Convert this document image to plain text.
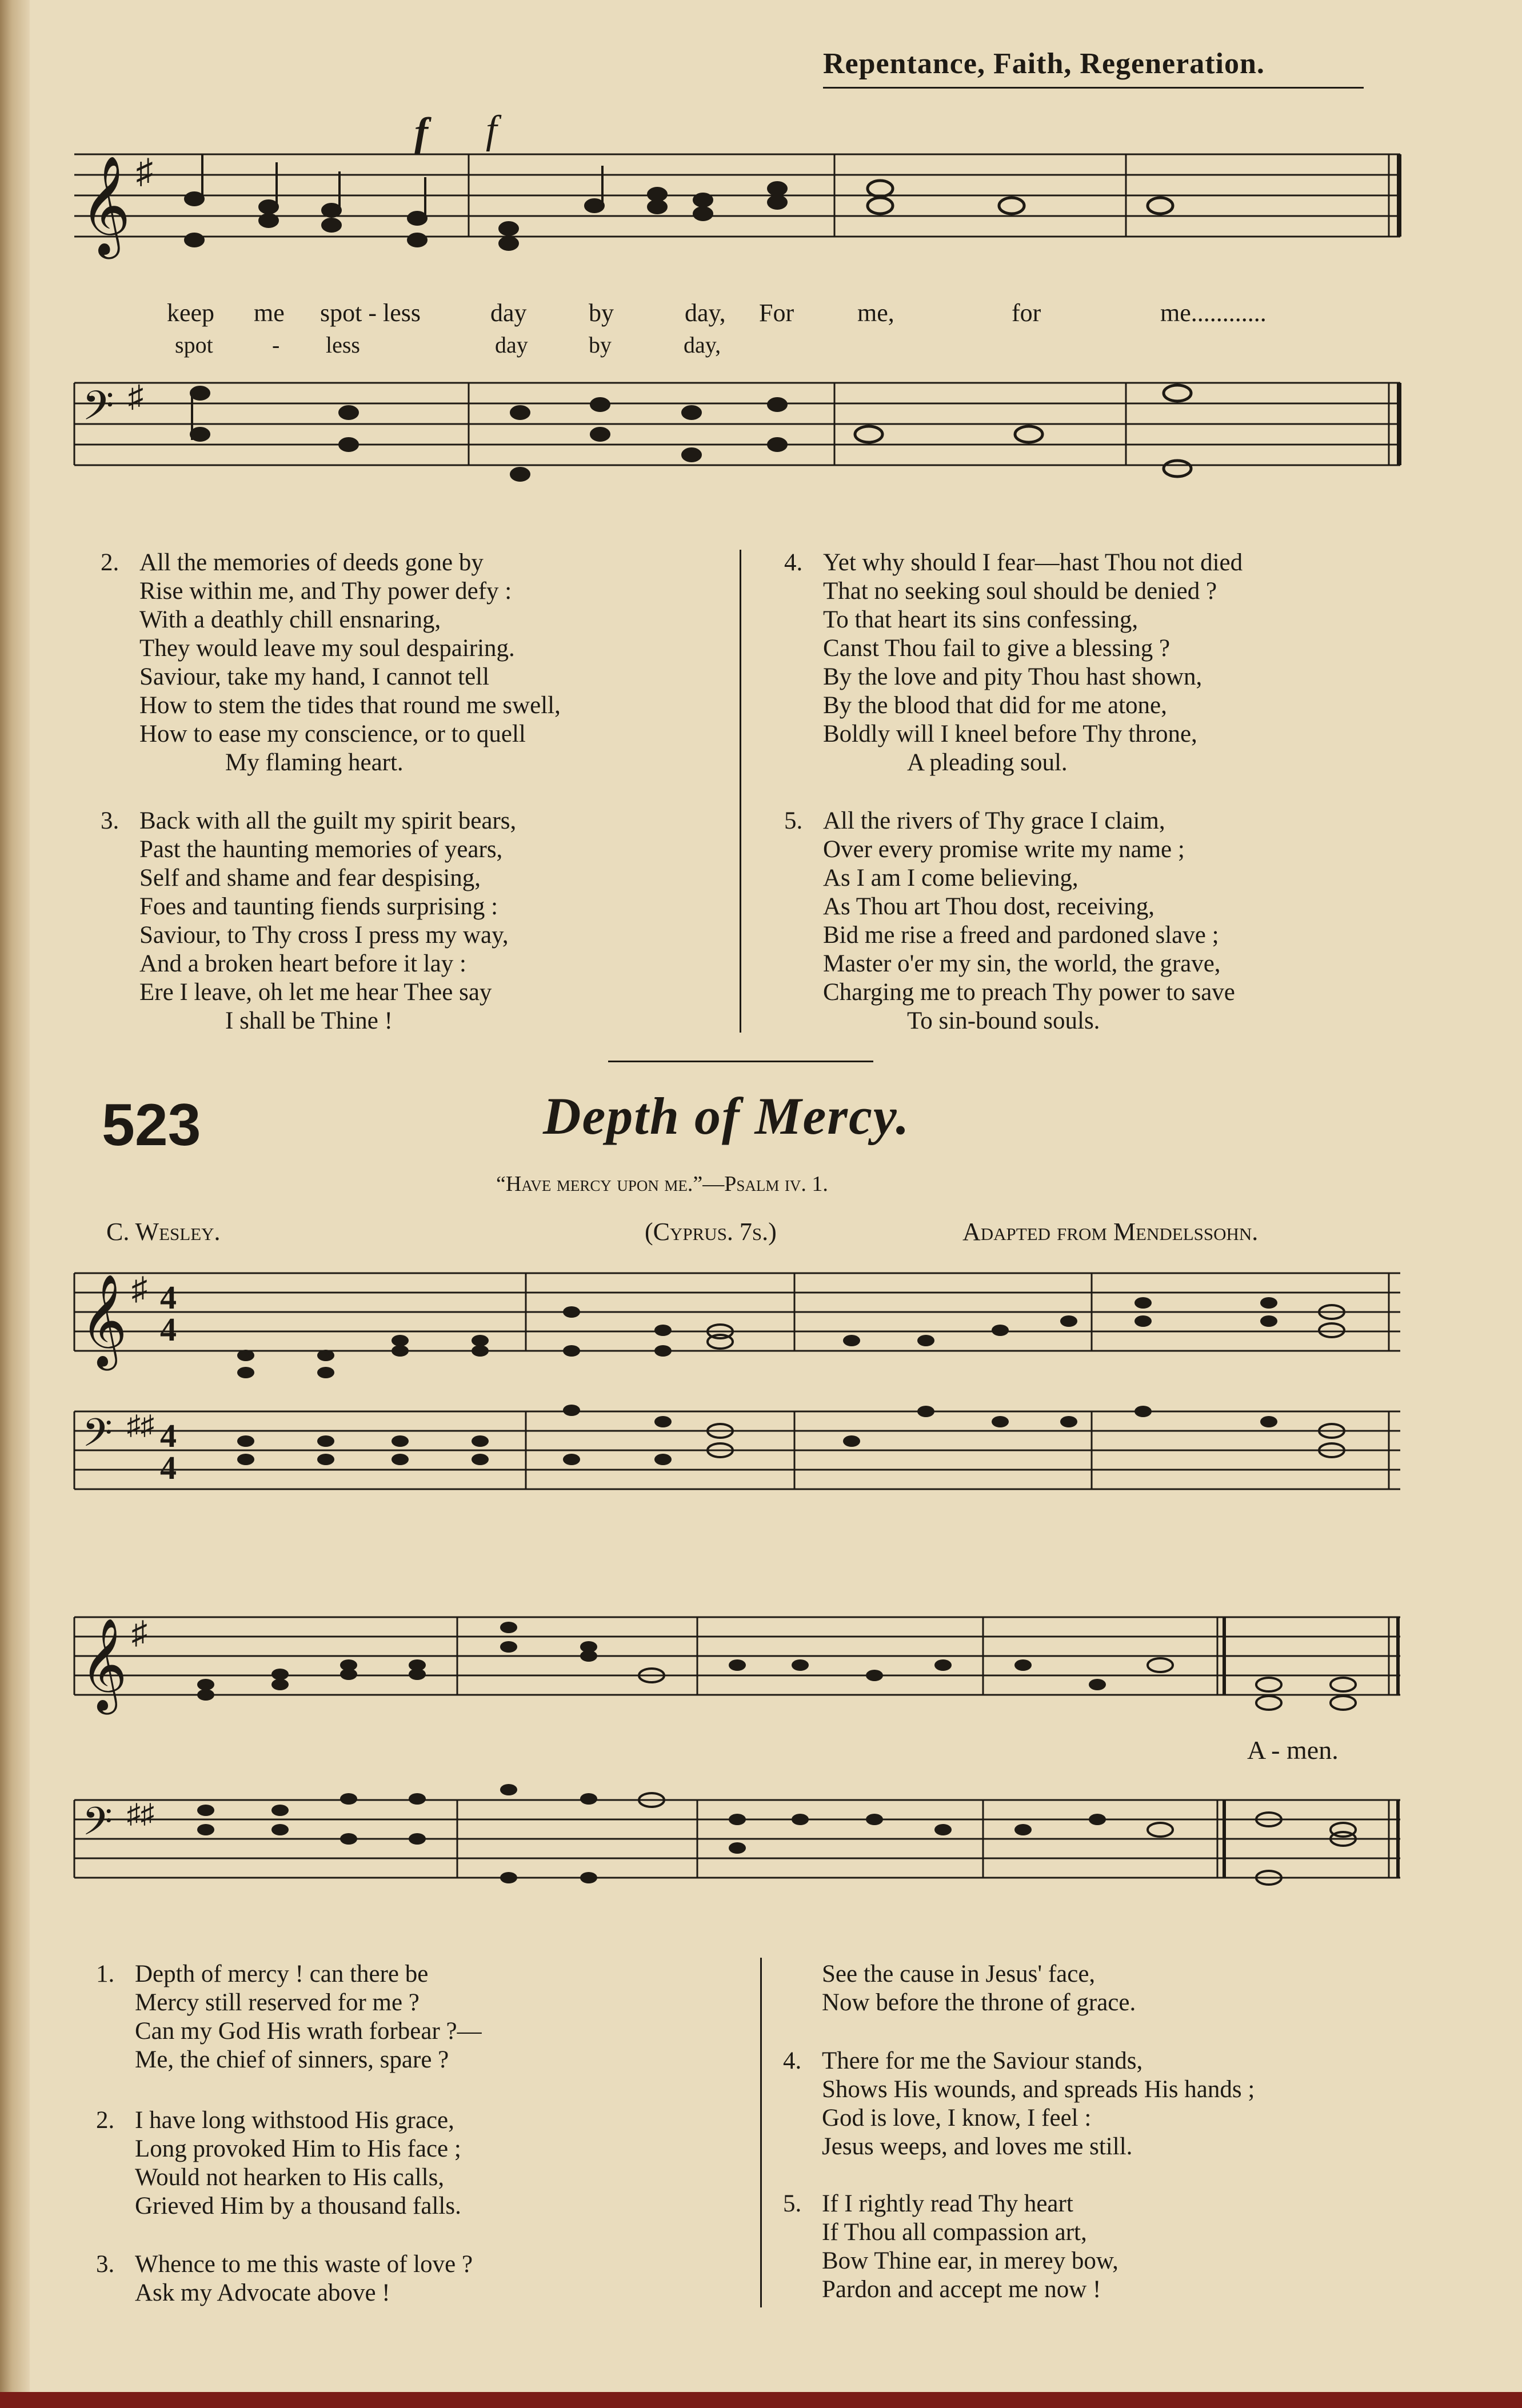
Repentance, Faith, Regeneration.
𝄞 ♯
f
f
keep me spot - less	day by	day, For	me,	for	me............
spot	- less	day	by	day,
𝄢 ♯
2. All the memories of deeds gone by
Rise within me, and Thy power defy :
With a deathly chill ensnaring,
They would leave my soul despairing.
Saviour, take my hand, I cannot tell
How to stem the tides that round me swell,
How to ease my conscience, or to quell
My flaming heart.
3. Back with all the guilt my spirit bears,
Past the haunting memories of years,
Self and shame and fear despising,
Foes and taunting fiends surprising :
Saviour, to Thy cross I press my way,
And a broken heart before it lay :
Ere I leave, oh let me hear Thee say
I shall be Thine !
4. Yet why should I fear—hast Thou not died
That no seeking soul should be denied ?
To that heart its sins confessing,
Canst Thou fail to give a blessing ?
By the love and pity Thou hast shown,
By the blood that did for me atone,
Boldly will I kneel before Thy throne,
A pleading soul.
5. All the rivers of Thy grace I claim,
Over every promise write my name ;
As I am I come believing,
As Thou art Thou dost, receiving,
Bid me rise a freed and pardoned slave ;
Master o'er my sin, the world, the grave,
Charging me to preach Thy power to save
To sin-bound souls.
523	Depth of Mercy.
“Have mercy upon me.”—Psalm iv. 1.
C. Wesley.	(Cyprus. 7s.)	Adapted from Mendelssohn.
𝄞 ♯ 4
4
𝄢 ♯♯ 4
4
𝄞 ♯
A - men.
𝄢 ♯♯
1. Depth of mercy ! can there be
Mercy still reserved for me ?
Can my God His wrath forbear ?—
Me, the chief of sinners, spare ?
2. I have long withstood His grace,
Long provoked Him to His face ;
Would not hearken to His calls,
Grieved Him by a thousand falls.
3. Whence to me this waste of love ?
Ask my Advocate above !
See the cause in Jesus' face,
Now before the throne of grace.
4. There for me the Saviour stands,
Shows His wounds, and spreads His hands ;
God is love, I know, I feel :
Jesus weeps, and loves me still.
5. If I rightly read Thy heart
If Thou all compassion art,
Bow Thine ear, in merey bow,
Pardon and accept me now !
